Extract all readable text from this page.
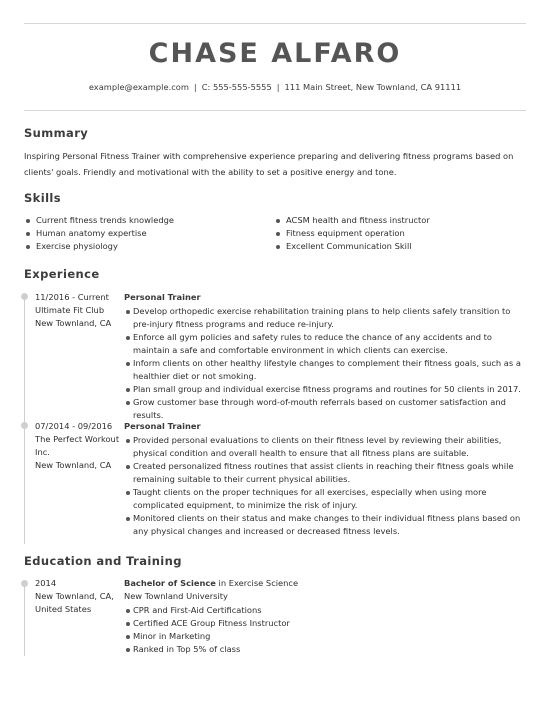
CHASE ALFARO
example@example.com | C: 555-555-5555 | 111 Main Street, New Townland, CA 91111
Summary
Inspiring Personal Fitness Trainer with comprehensive experience preparing and delivering fitness programs based on clients' goals. Friendly and motivational with the ability to set a positive energy and tone.
Skills
Current fitness trends knowledge
Human anatomy expertise
Exercise physiology
ACSM health and fitness instructor
Fitness equipment operation
Excellent Communication Skill
Experience
11/2016 - Current
Ultimate Fit Club
New Townland, CA
Personal Trainer
Develop orthopedic exercise rehabilitation training plans to help clients safely transition to pre-injury fitness programs and reduce re-injury.
Enforce all gym policies and safety rules to reduce the chance of any accidents and to maintain a safe and comfortable environment in which clients can exercise.
Inform clients on other healthy lifestyle changes to complement their fitness goals, such as a healthier diet or not smoking.
Plan small group and individual exercise fitness programs and routines for 50 clients in 2017.
Grow customer base through word-of-mouth referrals based on customer satisfaction and results.
07/2014 - 09/2016
The Perfect Workout Inc.
New Townland, CA
Personal Trainer
Provided personal evaluations to clients on their fitness level by reviewing their abilities, physical condition and overall health to ensure that all fitness plans are suitable.
Created personalized fitness routines that assist clients in reaching their fitness goals while remaining suitable to their current physical abilities.
Taught clients on the proper techniques for all exercises, especially when using more complicated equipment, to minimize the risk of injury.
Monitored clients on their status and make changes to their individual fitness plans based on any physical changes and increased or decreased fitness levels.
Education and Training
2014
New Townland, CA, United States
Bachelor of Science in Exercise Science
New Townland University
CPR and First-Aid Certifications
Certified ACE Group Fitness Instructor
Minor in Marketing
Ranked in Top 5% of class
